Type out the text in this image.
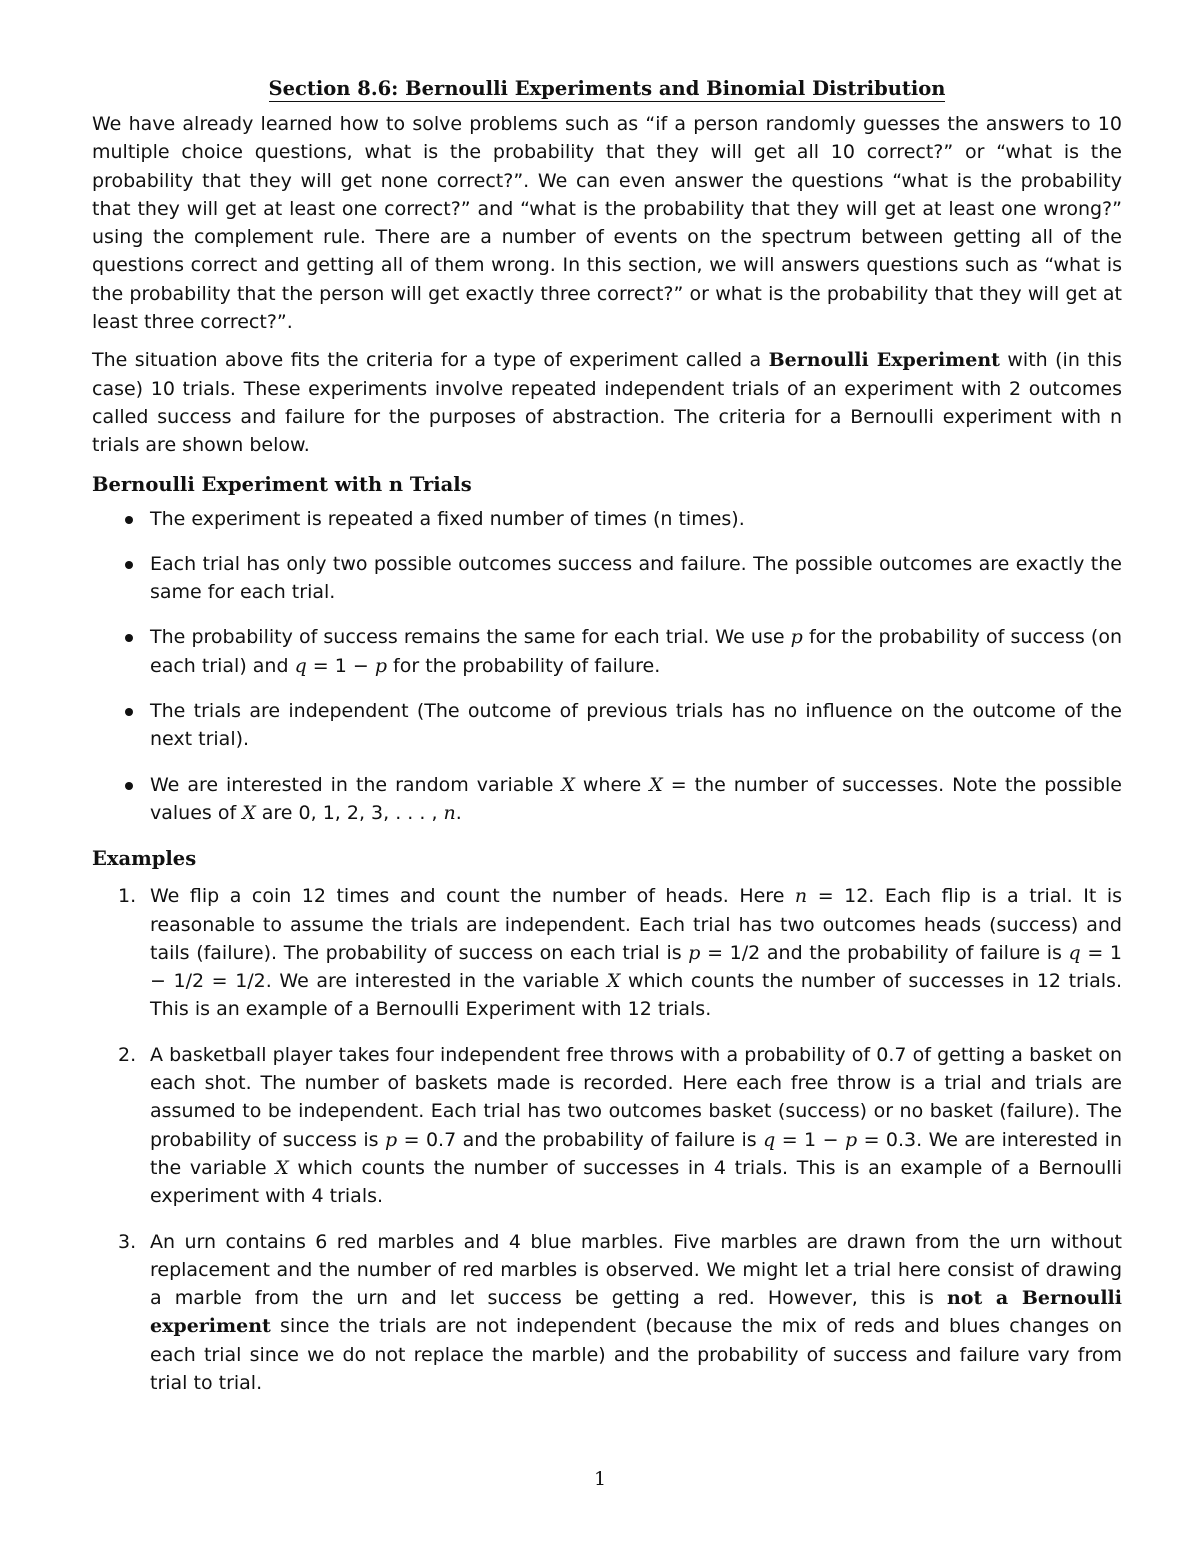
Section 8.6: Bernoulli Experiments and Binomial Distribution

We have already learned how to solve problems such as “if a person randomly guesses the answers to 10 multiple choice questions, what is the probability that they will get all 10 correct?” or “what is the probability that they will get none correct?”. We can even answer the questions “what is the probability that they will get at least one correct?” and “what is the probability that they will get at least one wrong?” using the complement rule. There are a number of events on the spectrum between getting all of the questions correct and getting all of them wrong. In this section, we will answers questions such as “what is the probability that the person will get exactly three correct?” or what is the probability that they will get at least three correct?”.

The situation above fits the criteria for a type of experiment called a Bernoulli Experiment with (in this case) 10 trials. These experiments involve repeated independent trials of an experiment with 2 outcomes called success and failure for the purposes of abstraction. The criteria for a Bernoulli experiment with n trials are shown below.

Bernoulli Experiment with n Trials
The experiment is repeated a fixed number of times (n times).
Each trial has only two possible outcomes success and failure. The possible outcomes are exactly the same for each trial.
The probability of success remains the same for each trial. We use p for the probability of success (on each trial) and q = 1 − p for the probability of failure.
The trials are independent (The outcome of previous trials has no influence on the outcome of the next trial).
We are interested in the random variable X where X = the number of successes. Note the possible values of X are 0, 1, 2, 3, . . . , n.
Examples
1. We flip a coin 12 times and count the number of heads. Here n = 12. Each flip is a trial. It is reasonable to assume the trials are independent. Each trial has two outcomes heads (success) and tails (failure). The probability of success on each trial is p = 1/2 and the probability of failure is q = 1 − 1/2 = 1/2. We are interested in the variable X which counts the number of successes in 12 trials. This is an example of a Bernoulli Experiment with 12 trials.
2. A basketball player takes four independent free throws with a probability of 0.7 of getting a basket on each shot. The number of baskets made is recorded. Here each free throw is a trial and trials are assumed to be independent. Each trial has two outcomes basket (success) or no basket (failure). The probability of success is p = 0.7 and the probability of failure is q = 1 − p = 0.3. We are interested in the variable X which counts the number of successes in 4 trials. This is an example of a Bernoulli experiment with 4 trials.
3. An urn contains 6 red marbles and 4 blue marbles. Five marbles are drawn from the urn without replacement and the number of red marbles is observed. We might let a trial here consist of drawing a marble from the urn and let success be getting a red. However, this is not a Bernoulli experiment since the trials are not independent (because the mix of reds and blues changes on each trial since we do not replace the marble) and the probability of success and failure vary from trial to trial.
1
